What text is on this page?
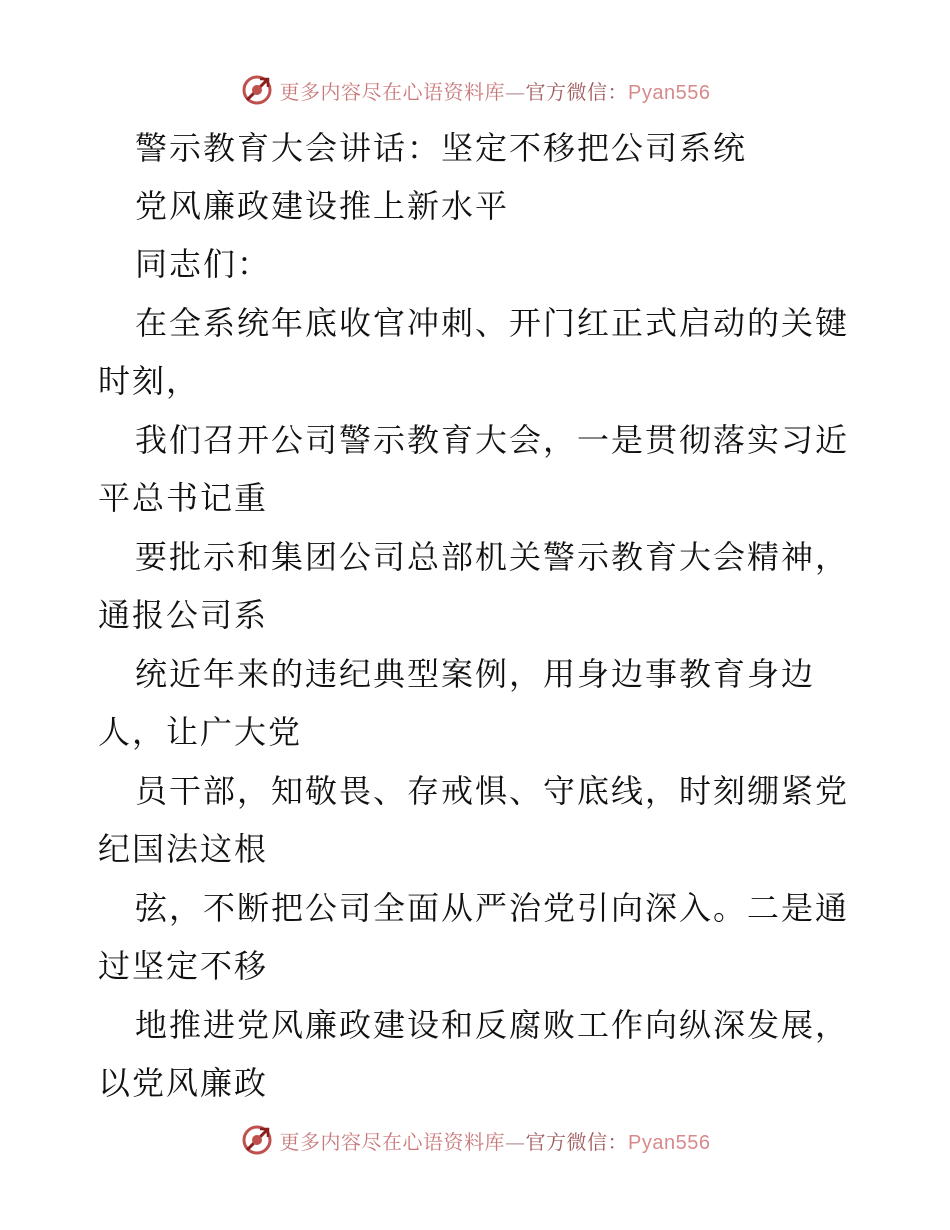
更多内容尽在心语资料库—官方微信：Pyan556
警示教育大会讲话：坚定不移把公司系统
党风廉政建设推上新水平
同志们：
在全系统年底收官冲刺、开门红正式启动的关键
时刻，
我们召开公司警示教育大会，一是贯彻落实习近
平总书记重
要批示和集团公司总部机关警示教育大会精神，
通报公司系
统近年来的违纪典型案例，用身边事教育身边
人，让广大党
员干部，知敬畏、存戒惧、守底线，时刻绷紧党
纪国法这根
弦，不断把公司全面从严治党引向深入。二是通
过坚定不移
地推进党风廉政建设和反腐败工作向纵深发展，
以党风廉政
更多内容尽在心语资料库—官方微信：Pyan556
